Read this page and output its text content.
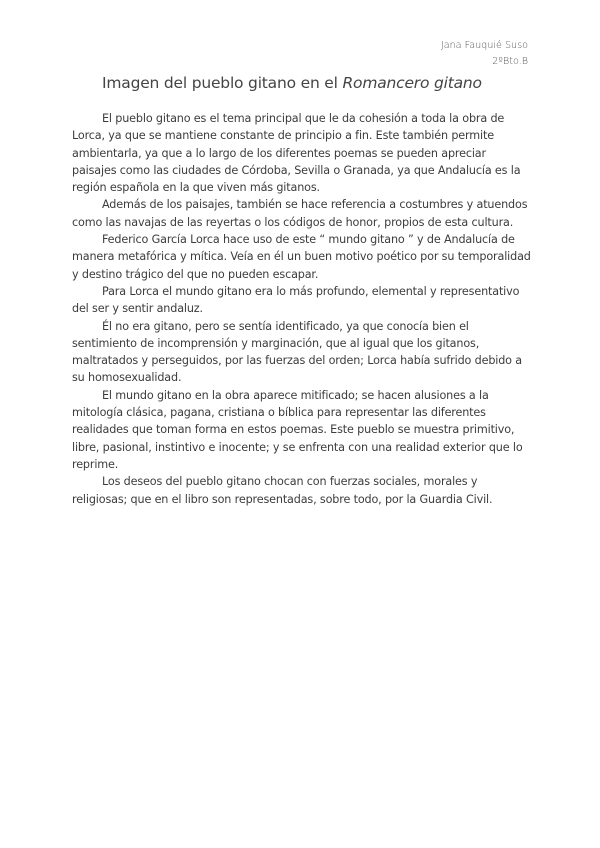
Jana Fauquié Suso
2ºBto.B
Imagen del pueblo gitano en el Romancero gitano

El pueblo gitano es el tema principal que le da cohesión a toda la obra de Lorca, ya que se mantiene constante de principio a fin. Este también permite ambientarla, ya que a lo largo de los diferentes poemas se pueden apreciar paisajes como las ciudades de Córdoba, Sevilla o Granada, ya que Andalucía es la región española en la que viven más gitanos.

Además de los paisajes, también se hace referencia a costumbres y atuendos como las navajas de las reyertas o los códigos de honor, propios de esta cultura.

Federico García Lorca hace uso de este “ mundo gitano ” y de Andalucía de manera metafórica y mítica. Veía en él un buen motivo poético por su temporalidad y destino trágico del que no pueden escapar.

Para Lorca el mundo gitano era lo más profundo, elemental y representativo del ser y sentir andaluz.

Él no era gitano, pero se sentía identificado, ya que conocía bien el sentimiento de incomprensión y marginación, que al igual que los gitanos, maltratados y perseguidos, por las fuerzas del orden; Lorca había sufrido debido a su homosexualidad.

El mundo gitano en la obra aparece mitificado; se hacen alusiones a la mitología clásica, pagana, cristiana o bíblica para representar las diferentes realidades que toman forma en estos poemas. Este pueblo se muestra primitivo, libre, pasional, instintivo e inocente; y se enfrenta con una realidad exterior que lo reprime.

Los deseos del pueblo gitano chocan con fuerzas sociales, morales y religiosas; que en el libro son representadas, sobre todo, por la Guardia Civil.
